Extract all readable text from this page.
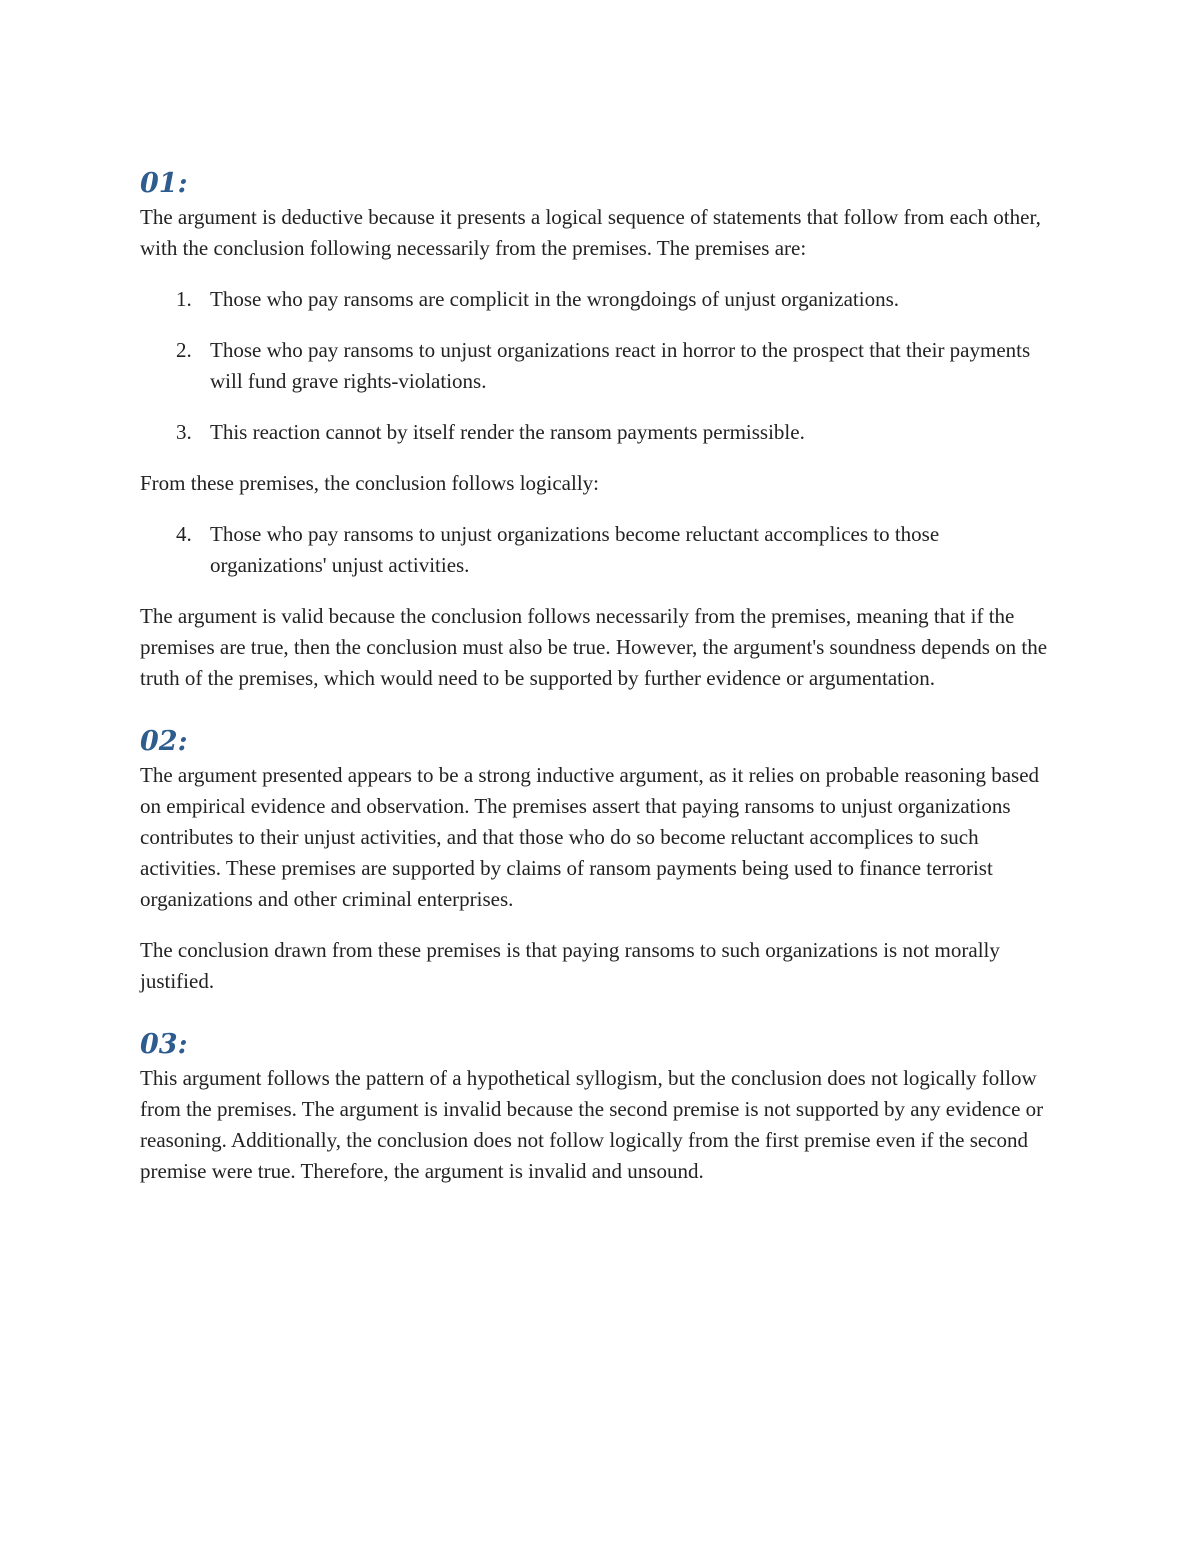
01:

The argument is deductive because it presents a logical sequence of statements that follow from each other, with the conclusion following necessarily from the premises. The premises are:

1. Those who pay ransoms are complicit in the wrongdoings of unjust organizations.
2. Those who pay ransoms to unjust organizations react in horror to the prospect that their payments will fund grave rights-violations.
3. This reaction cannot by itself render the ransom payments permissible.

From these premises, the conclusion follows logically:

4. Those who pay ransoms to unjust organizations become reluctant accomplices to those organizations' unjust activities.

The argument is valid because the conclusion follows necessarily from the premises, meaning that if the premises are true, then the conclusion must also be true. However, the argument's soundness depends on the truth of the premises, which would need to be supported by further evidence or argumentation.

02:

The argument presented appears to be a strong inductive argument, as it relies on probable reasoning based on empirical evidence and observation. The premises assert that paying ransoms to unjust organizations contributes to their unjust activities, and that those who do so become reluctant accomplices to such activities. These premises are supported by claims of ransom payments being used to finance terrorist organizations and other criminal enterprises.

The conclusion drawn from these premises is that paying ransoms to such organizations is not morally justified.

03:

This argument follows the pattern of a hypothetical syllogism, but the conclusion does not logically follow from the premises. The argument is invalid because the second premise is not supported by any evidence or reasoning. Additionally, the conclusion does not follow logically from the first premise even if the second premise were true. Therefore, the argument is invalid and unsound.
